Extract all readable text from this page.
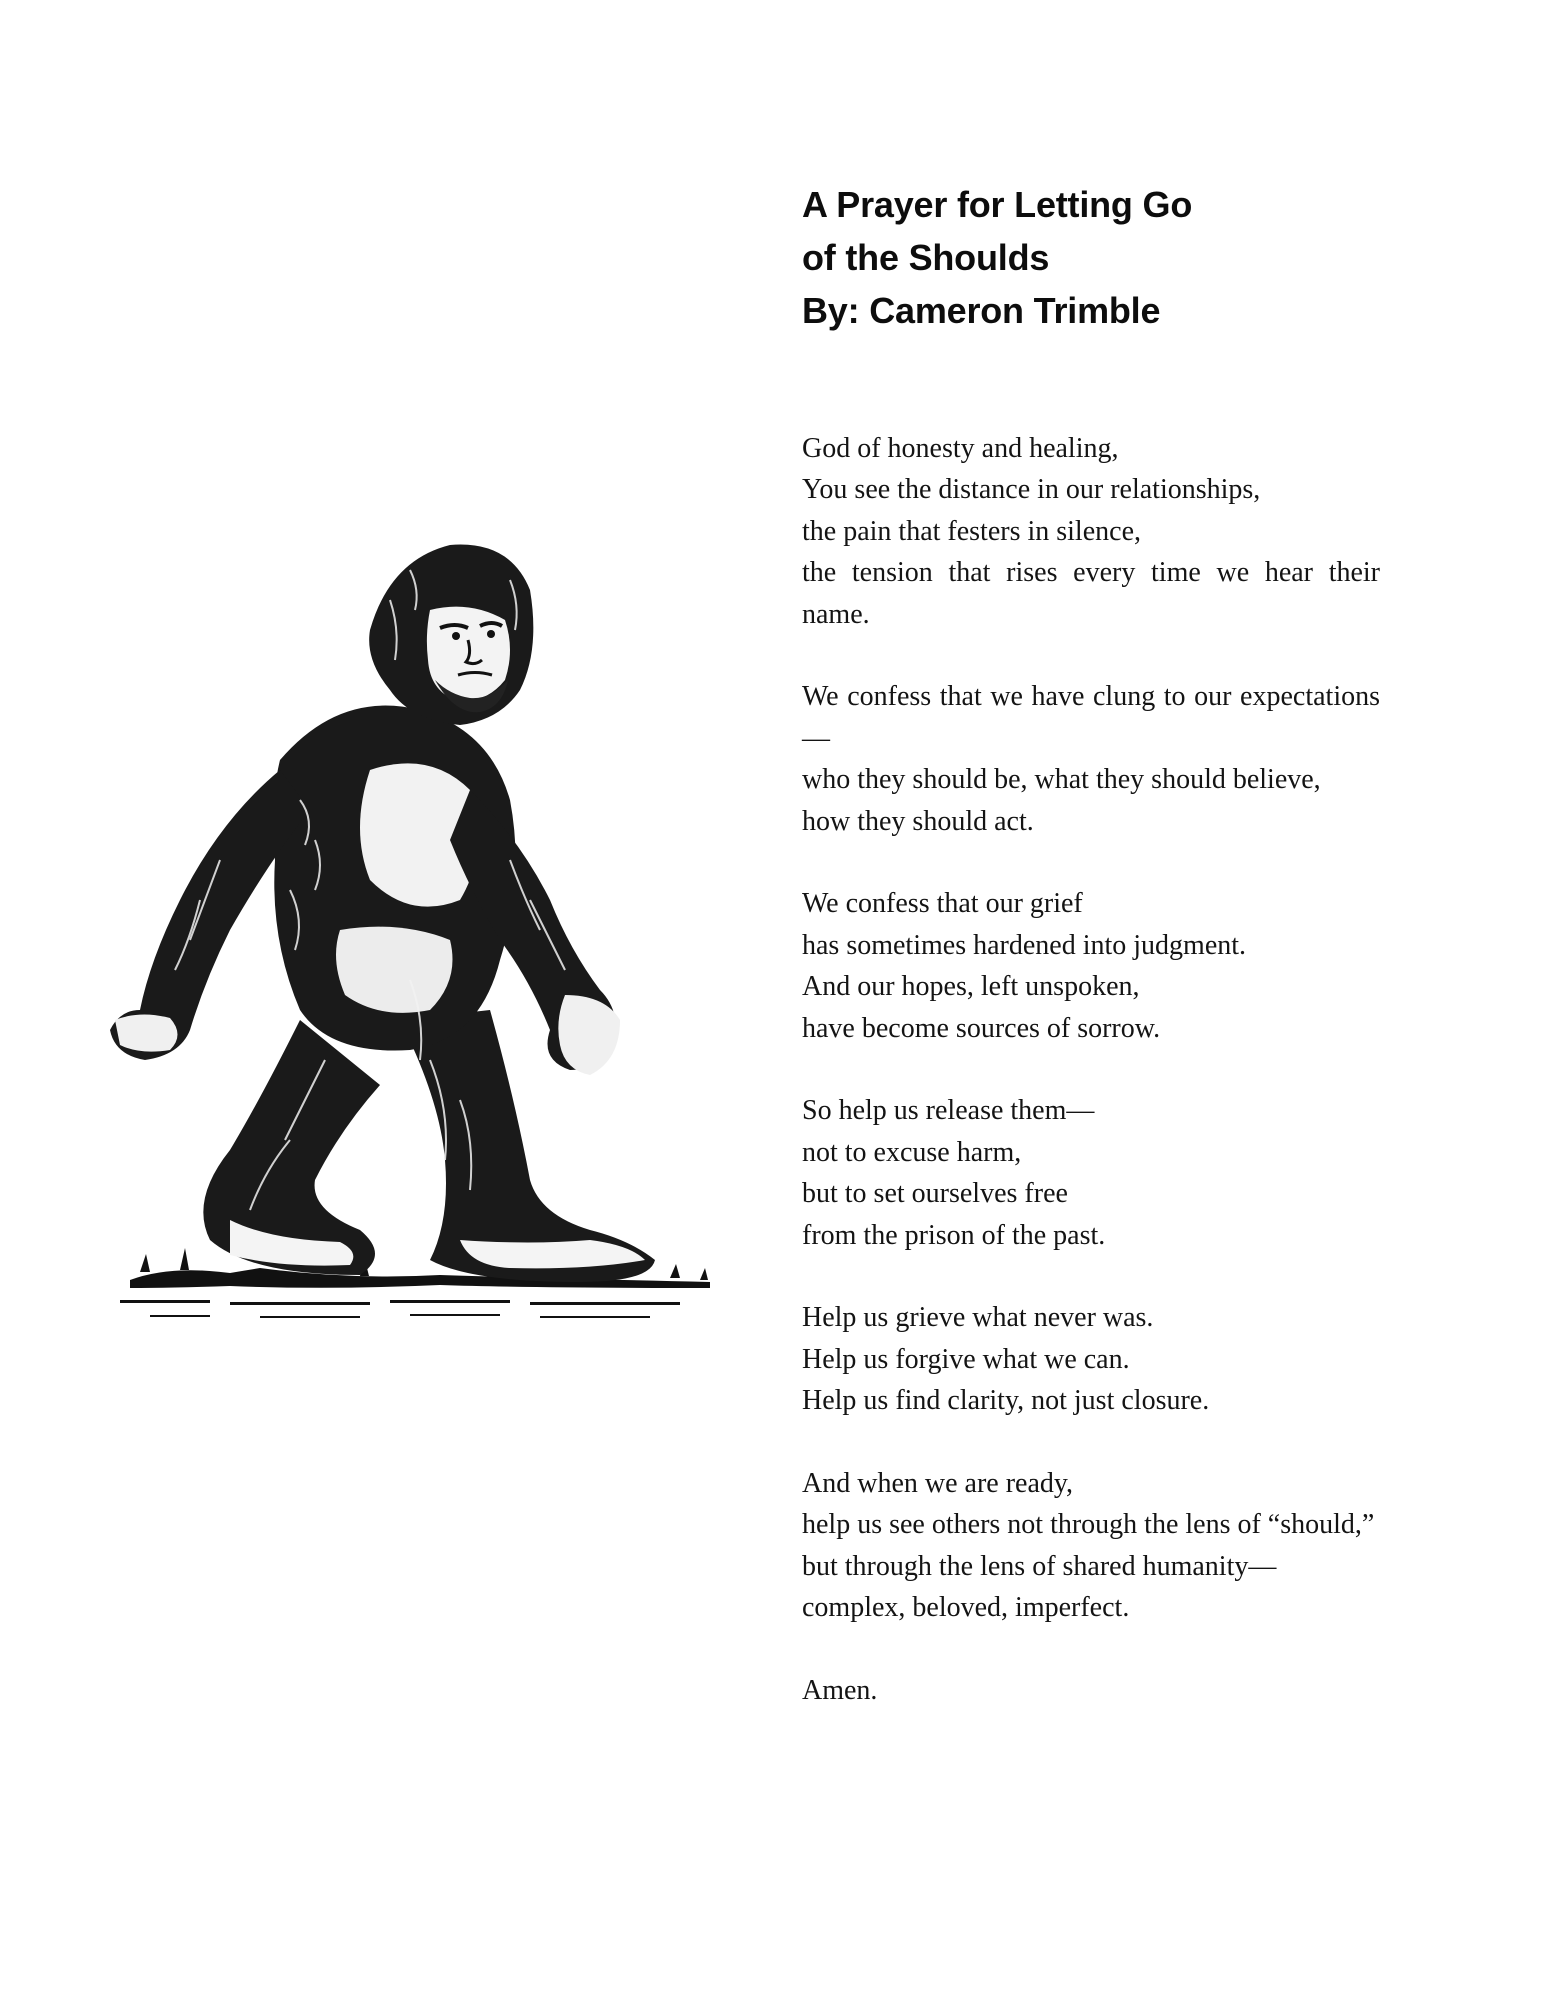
A Prayer for Letting Go
of the Shoulds
By: Cameron Trimble
God of honesty and healing,
You see the distance in our relationships,
the pain that festers in silence,
the tension that rises every time we hear their name.
We confess that we have clung to our expectations—
who they should be, what they should believe,
how they should act.
We confess that our grief
has sometimes hardened into judgment.
And our hopes, left unspoken,
have become sources of sorrow.
So help us release them—
not to excuse harm,
but to set ourselves free
from the prison of the past.
Help us grieve what never was.
Help us forgive what we can.
Help us find clarity, not just closure.
And when we are ready,
help us see others not through the lens of “should,”
but through the lens of shared humanity—
complex, beloved, imperfect.
Amen.
